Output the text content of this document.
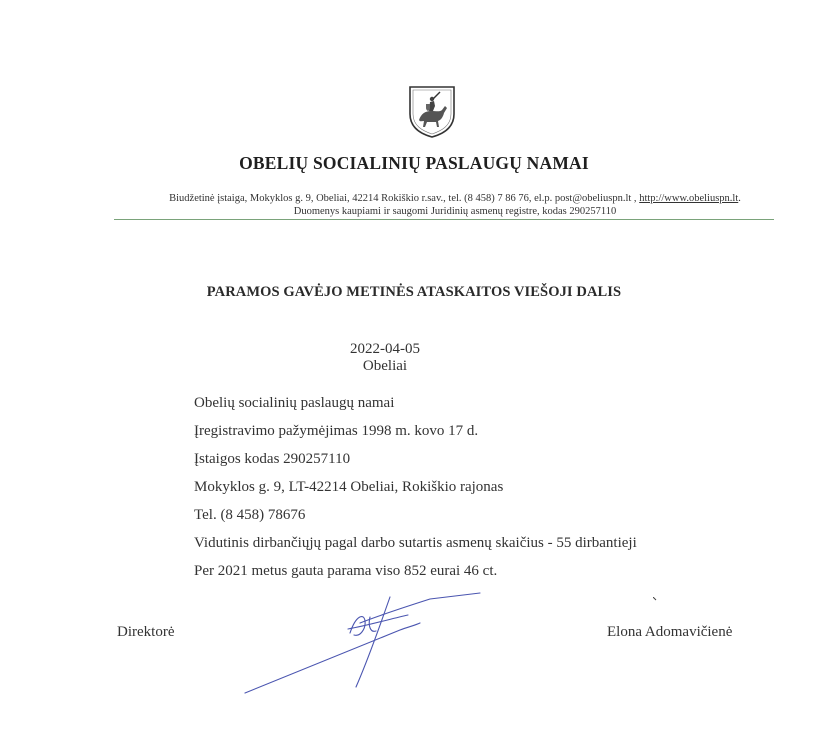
OBELIŲ SOCIALINIŲ PASLAUGŲ NAMAI
Biudžetinė įstaiga, Mokyklos g. 9, Obeliai, 42214 Rokiškio r.sav., tel. (8 458) 7 86 76, el.p. post@obeliuspn.lt , http://www.obeliuspn.lt.
Duomenys kaupiami ir saugomi Juridinių asmenų registre, kodas 290257110
PARAMOS GAVĖJO METINĖS ATASKAITOS VIEŠOJI DALIS
2022-04-05
Obeliai
Obelių socialinių paslaugų namai
Įregistravimo pažymėjimas 1998 m. kovo 17 d.
Įstaigos kodas 290257110
Mokyklos g. 9, LT-42214 Obeliai, Rokiškio rajonas
Tel. (8 458) 78676
Vidutinis dirbančiųjų pagal darbo sutartis asmenų skaičius - 55 dirbantieji
Per 2021 metus gauta parama viso 852 eurai 46 ct.
Direktorė	Elona Adomavičienė
